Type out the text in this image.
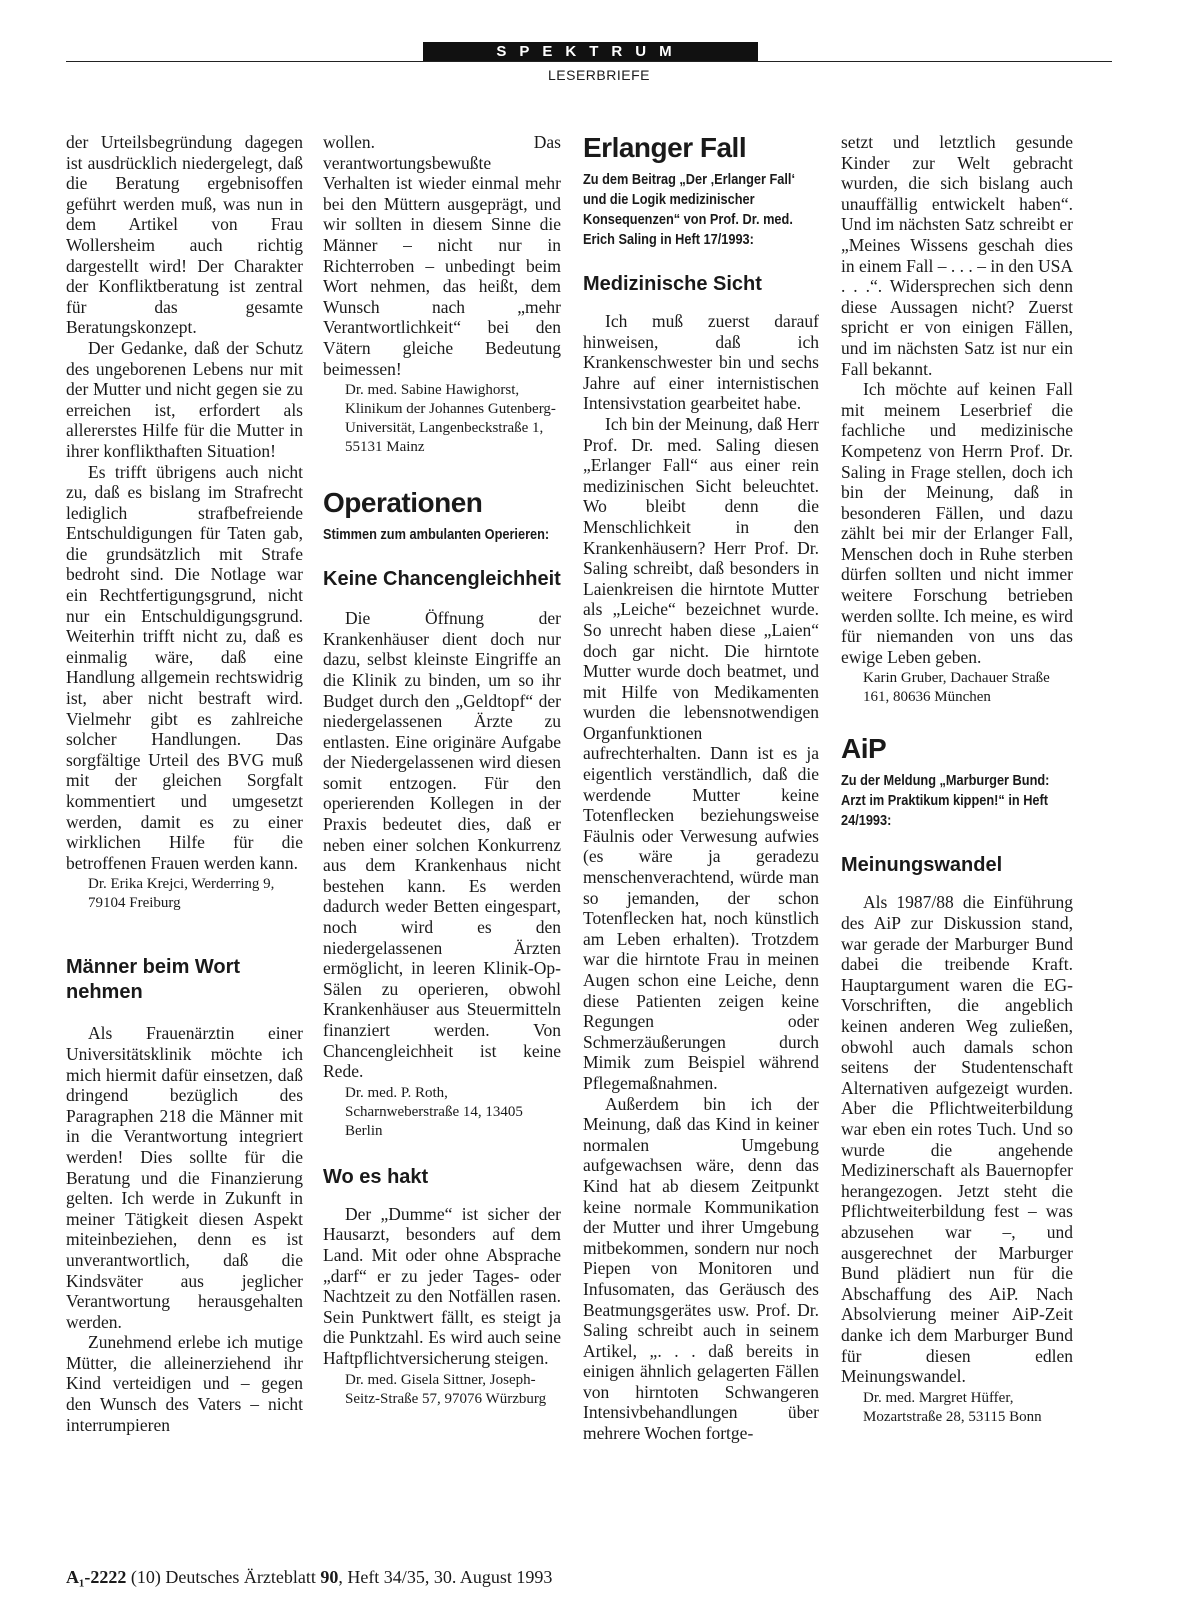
SPEKTRUM
LESERBRIEFE

der Urteilsbegründung dagegen ist ausdrücklich niedergelegt, daß die Beratung ergebnisoffen geführt werden muß, was nun in dem Artikel von Frau Wollersheim auch richtig dargestellt wird! Der Charakter der Konfliktberatung ist zentral für das gesamte Beratungskonzept.

Der Gedanke, daß der Schutz des ungeborenen Lebens nur mit der Mutter und nicht gegen sie zu erreichen ist, erfordert als allererstes Hilfe für die Mutter in ihrer konflikthaften Situation!

Es trifft übrigens auch nicht zu, daß es bislang im Strafrecht lediglich strafbefreiende Entschuldigungen für Taten gab, die grundsätzlich mit Strafe bedroht sind. Die Notlage war ein Rechtfertigungsgrund, nicht nur ein Entschuldigungsgrund. Weiterhin trifft nicht zu, daß es einmalig wäre, daß eine Handlung allgemein rechtswidrig ist, aber nicht bestraft wird. Vielmehr gibt es zahlreiche solcher Handlungen. Das sorgfältige Urteil des BVG muß mit der gleichen Sorgfalt kommentiert und umgesetzt werden, damit es zu einer wirklichen Hilfe für die betroffenen Frauen werden kann.

Dr. Erika Krejci, Werderring 9, 79104 Freiburg

Männer beim Wort nehmen

Als Frauenärztin einer Universitätsklinik möchte ich mich hiermit dafür einsetzen, daß dringend bezüglich des Paragraphen 218 die Männer mit in die Verantwortung integriert werden! Dies sollte für die Beratung und die Finanzierung gelten. Ich werde in Zukunft in meiner Tätigkeit diesen Aspekt miteinbeziehen, denn es ist unverantwortlich, daß die Kindsväter aus jeglicher Verantwortung herausgehalten werden.

Zunehmend erlebe ich mutige Mütter, die alleinerziehend ihr Kind verteidigen und – gegen den Wunsch des Vaters – nicht interrumpieren

wollen. Das verantwortungsbewußte Verhalten ist wieder einmal mehr bei den Müttern ausgeprägt, und wir sollten in diesem Sinne die Männer – nicht nur in Richterroben – unbedingt beim Wort nehmen, das heißt, dem Wunsch nach „mehr Verantwortlichkeit“ bei den Vätern gleiche Bedeutung beimessen!

Dr. med. Sabine Hawighorst, Klinikum der Johannes Gutenberg-Universität, Langenbeckstraße 1, 55131 Mainz

Operationen

Stimmen zum ambulanten Operieren:

Keine Chancengleichheit

Die Öffnung der Krankenhäuser dient doch nur dazu, selbst kleinste Eingriffe an die Klinik zu binden, um so ihr Budget durch den „Geldtopf“ der niedergelassenen Ärzte zu entlasten. Eine originäre Aufgabe der Niedergelassenen wird diesen somit entzogen. Für den operierenden Kollegen in der Praxis bedeutet dies, daß er neben einer solchen Konkurrenz aus dem Krankenhaus nicht bestehen kann. Es werden dadurch weder Betten eingespart, noch wird es den niedergelassenen Ärzten ermöglicht, in leeren Klinik-Op-Sälen zu operieren, obwohl Krankenhäuser aus Steuermitteln finanziert werden. Von Chancengleichheit ist keine Rede.

Dr. med. P. Roth, Scharnweberstraße 14, 13405 Berlin

Wo es hakt

Der „Dumme“ ist sicher der Hausarzt, besonders auf dem Land. Mit oder ohne Absprache „darf“ er zu jeder Tages- oder Nachtzeit zu den Notfällen rasen. Sein Punktwert fällt, es steigt ja die Punktzahl. Es wird auch seine Haftpflichtversicherung steigen.

Dr. med. Gisela Sittner, Joseph-Seitz-Straße 57, 97076 Würzburg

Erlanger Fall

Zu dem Beitrag „Der ‚Erlanger Fall‘ und die Logik medizinischer Konsequenzen“ von Prof. Dr. med. Erich Saling in Heft 17/1993:

Medizinische Sicht

Ich muß zuerst darauf hinweisen, daß ich Krankenschwester bin und sechs Jahre auf einer internistischen Intensivstation gearbeitet habe.

Ich bin der Meinung, daß Herr Prof. Dr. med. Saling diesen „Erlanger Fall“ aus einer rein medizinischen Sicht beleuchtet. Wo bleibt denn die Menschlichkeit in den Krankenhäusern? Herr Prof. Dr. Saling schreibt, daß besonders in Laienkreisen die hirntote Mutter als „Leiche“ bezeichnet wurde. So unrecht haben diese „Laien“ doch gar nicht. Die hirntote Mutter wurde doch beatmet, und mit Hilfe von Medikamenten wurden die lebensnotwendigen Organfunktionen aufrechterhalten. Dann ist es ja eigentlich verständlich, daß die werdende Mutter keine Totenflecken beziehungsweise Fäulnis oder Verwesung aufwies (es wäre ja geradezu menschenverachtend, würde man so jemanden, der schon Totenflecken hat, noch künstlich am Leben erhalten). Trotzdem war die hirntote Frau in meinen Augen schon eine Leiche, denn diese Patienten zeigen keine Regungen oder Schmerzäußerungen durch Mimik zum Beispiel während Pflegemaßnahmen.

Außerdem bin ich der Meinung, daß das Kind in keiner normalen Umgebung aufgewachsen wäre, denn das Kind hat ab diesem Zeitpunkt keine normale Kommunikation der Mutter und ihrer Umgebung mitbekommen, sondern nur noch Piepen von Monitoren und Infusomaten, das Geräusch des Beatmungsgerätes usw. Prof. Dr. Saling schreibt auch in seinem Artikel, „. . . daß bereits in einigen ähnlich gelagerten Fällen von hirntoten Schwangeren Intensivbehandlungen über mehrere Wochen fortge-

setzt und letztlich gesunde Kinder zur Welt gebracht wurden, die sich bislang auch unauffällig entwickelt haben“. Und im nächsten Satz schreibt er „Meines Wissens geschah dies in einem Fall – . . . – in den USA . . .“. Widersprechen sich denn diese Aussagen nicht? Zuerst spricht er von einigen Fällen, und im nächsten Satz ist nur ein Fall bekannt.

Ich möchte auf keinen Fall mit meinem Leserbrief die fachliche und medizinische Kompetenz von Herrn Prof. Dr. Saling in Frage stellen, doch ich bin der Meinung, daß in besonderen Fällen, und dazu zählt bei mir der Erlanger Fall, Menschen doch in Ruhe sterben dürfen sollten und nicht immer weitere Forschung betrieben werden sollte. Ich meine, es wird für niemanden von uns das ewige Leben geben.

Karin Gruber, Dachauer Straße 161, 80636 München

AiP

Zu der Meldung „Marburger Bund: Arzt im Praktikum kippen!“ in Heft 24/1993:

Meinungswandel

Als 1987/88 die Einführung des AiP zur Diskussion stand, war gerade der Marburger Bund dabei die treibende Kraft. Hauptargument waren die EG-Vorschriften, die angeblich keinen anderen Weg zuließen, obwohl auch damals schon seitens der Studentenschaft Alternativen aufgezeigt wurden. Aber die Pflichtweiterbildung war eben ein rotes Tuch. Und so wurde die angehende Medizinerschaft als Bauernopfer herangezogen. Jetzt steht die Pflichtweiterbildung fest – was abzusehen war –, und ausgerechnet der Marburger Bund plädiert nun für die Abschaffung des AiP. Nach Absolvierung meiner AiP-Zeit danke ich dem Marburger Bund für diesen edlen Meinungswandel.

Dr. med. Margret Hüffer, Mozartstraße 28, 53115 Bonn

A₁-2222 (10) Deutsches Ärzteblatt 90, Heft 34/35, 30. August 1993
